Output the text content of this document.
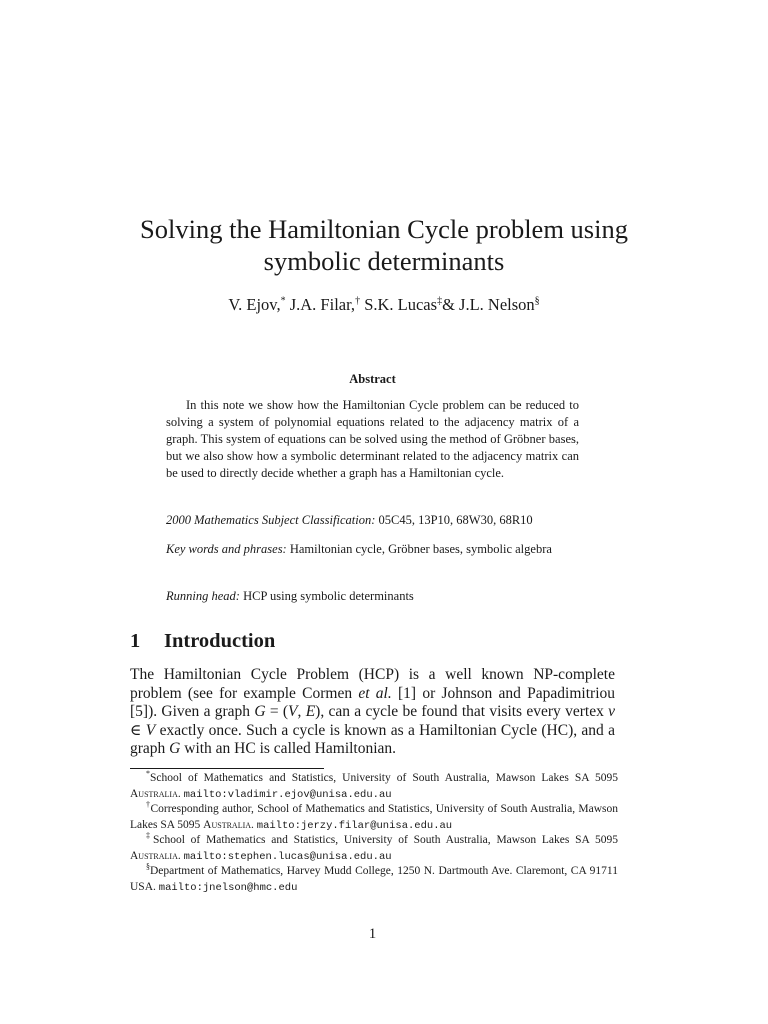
Solving the Hamiltonian Cycle problem using
symbolic determinants
V. Ejov,* J.A. Filar,† S.K. Lucas‡& J.L. Nelson§
Abstract
In this note we show how the Hamiltonian Cycle problem can be reduced to solving a system of polynomial equations related to the adjacency matrix of a graph. This system of equations can be solved using the method of Gröbner bases, but we also show how a symbolic determinant related to the adjacency matrix can be used to directly decide whether a graph has a Hamiltonian cycle.
2000 Mathematics Subject Classification: 05C45, 13P10, 68W30, 68R10
Key words and phrases: Hamiltonian cycle, Gröbner bases, symbolic algebra
Running head: HCP using symbolic determinants
1 Introduction
The Hamiltonian Cycle Problem (HCP) is a well known NP-complete problem (see for example Cormen et al. [1] or Johnson and Papadimitriou [5]). Given a graph G = (V, E), can a cycle be found that visits every vertex v ∈ V exactly once. Such a cycle is known as a Hamiltonian Cycle (HC), and a graph G with an HC is called Hamiltonian.
*School of Mathematics and Statistics, University of South Australia, Mawson Lakes SA 5095 Australia. mailto:vladimir.ejov@unisa.edu.au
†Corresponding author, School of Mathematics and Statistics, University of South Australia, Mawson Lakes SA 5095 Australia. mailto:jerzy.filar@unisa.edu.au
‡School of Mathematics and Statistics, University of South Australia, Mawson Lakes SA 5095 Australia. mailto:stephen.lucas@unisa.edu.au
§Department of Mathematics, Harvey Mudd College, 1250 N. Dartmouth Ave. Claremont, CA 91711 USA. mailto:jnelson@hmc.edu
1
